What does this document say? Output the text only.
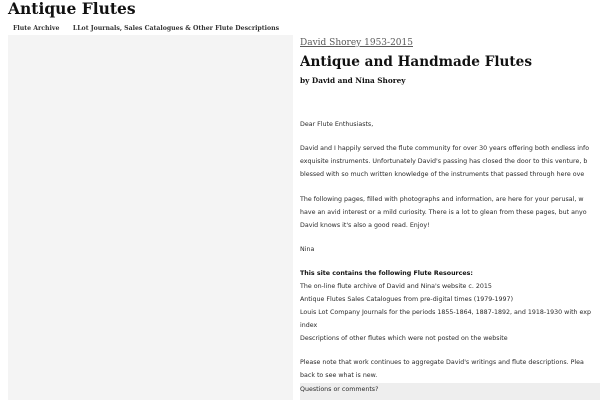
Antique Flutes
Flute Archive LLot Journals, Sales Catalogues & Other Flute Descriptions
David Shorey 1953-2015
Antique and Handmade Flutes
by David and Nina Shorey
Dear Flute Enthusiasts,
David and I happily served the flute community for over 30 years offering both endless info
exquisite instruments. Unfortunately David's passing has closed the door to this venture, b
blessed with so much written knowledge of the instruments that passed through here ove
The following pages, filled with photographs and information, are here for your perusal, w
have an avid interest or a mild curiosity. There is a lot to glean from these pages, but anyo
David knows it's also a good read. Enjoy!
Nina
This site contains the following Flute Resources:
The on-line flute archive of David and Nina's website c. 2015
Antique Flutes Sales Catalogues from pre-digital times (1979-1997)
Louis Lot Company Journals for the periods 1855-1864, 1887-1892, and 1918-1930 with exp
index
Descriptions of other flutes which were not posted on the website
Please note that work continues to aggregate David's writings and flute descriptions. Plea
back to see what is new.
Questions or comments?
